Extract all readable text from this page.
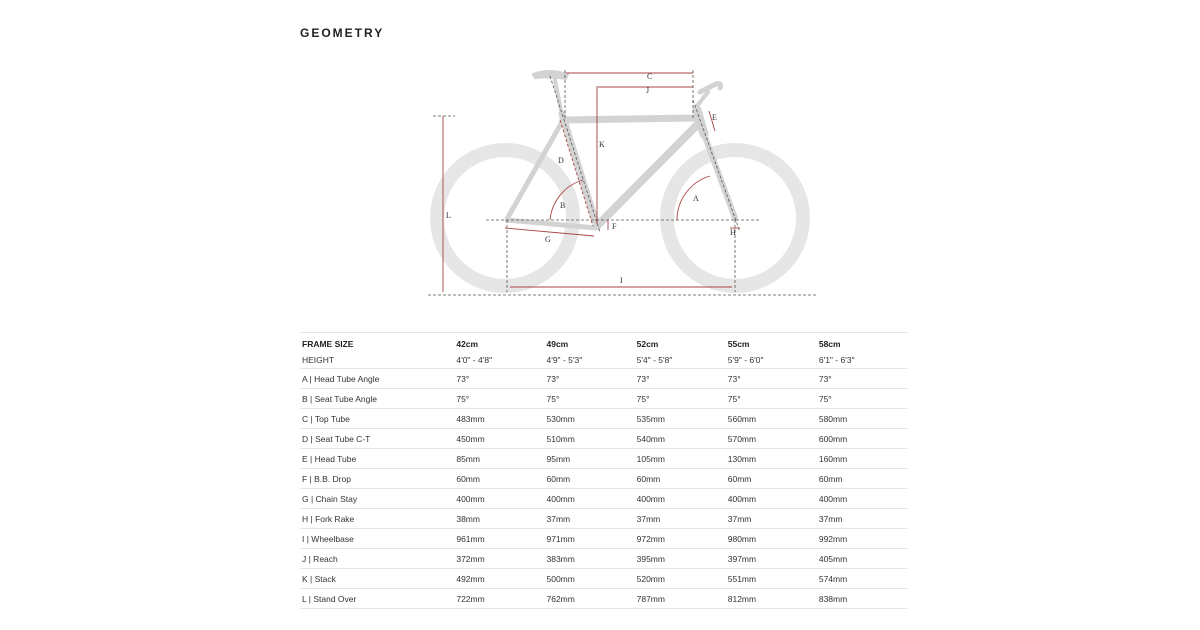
GEOMETRY
C
J
K
E
D
L
B
A
F
H
G
I
FRAME SIZE	42cm	49cm	52cm	55cm	58cm
HEIGHT	4'0" - 4'8"	4'9" - 5'3"	5'4" - 5'8"	5'9" - 6'0"	6'1" - 6'3"
A | Head Tube Angle	73°	73°	73°	73°	73°
B | Seat Tube Angle	75°	75°	75°	75°	75°
C | Top Tube	483mm	530mm	535mm	560mm	580mm
D | Seat Tube C-T	450mm	510mm	540mm	570mm	600mm
E | Head Tube	85mm	95mm	105mm	130mm	160mm
F | B.B. Drop	60mm	60mm	60mm	60mm	60mm
G | Chain Stay	400mm	400mm	400mm	400mm	400mm
H | Fork Rake	38mm	37mm	37mm	37mm	37mm
I | Wheelbase	961mm	971mm	972mm	980mm	992mm
J | Reach	372mm	383mm	395mm	397mm	405mm
K | Stack	492mm	500mm	520mm	551mm	574mm
L | Stand Over	722mm	762mm	787mm	812mm	838mm
